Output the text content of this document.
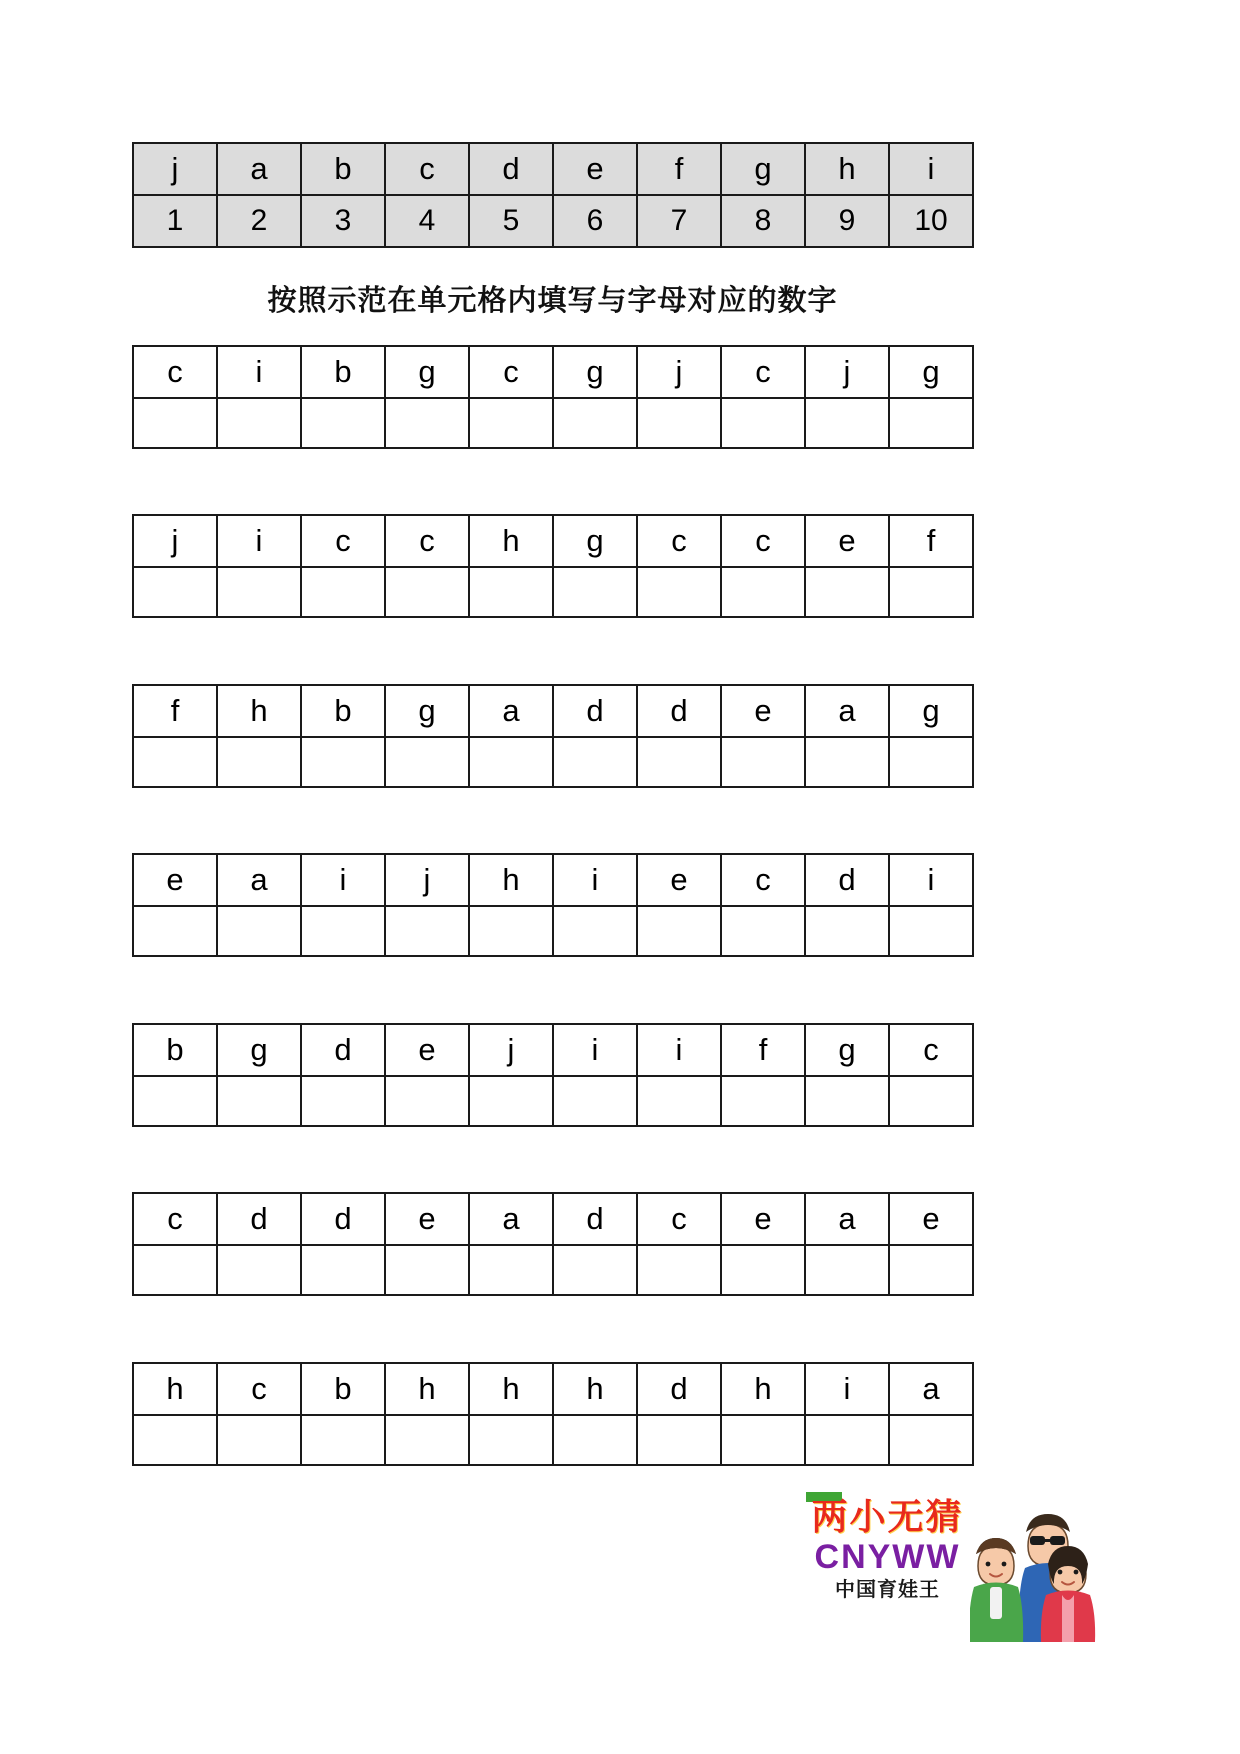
j	a	b	c	d	e	f	g	h	i
1	2	3	4	5	6	7	8	9	10
按照示范在单元格内填写与字母对应的数字
c	i	b	g	c	g	j	c	j	g

j	i	c	c	h	g	c	c	e	f

f	h	b	g	a	d	d	e	a	g

e	a	i	j	h	i	e	c	d	i

b	g	d	e	j	i	i	f	g	c

c	d	d	e	a	d	c	e	a	e

h	c	b	h	h	h	d	h	i	a

两小无猜
CNYWW
中国育娃王
